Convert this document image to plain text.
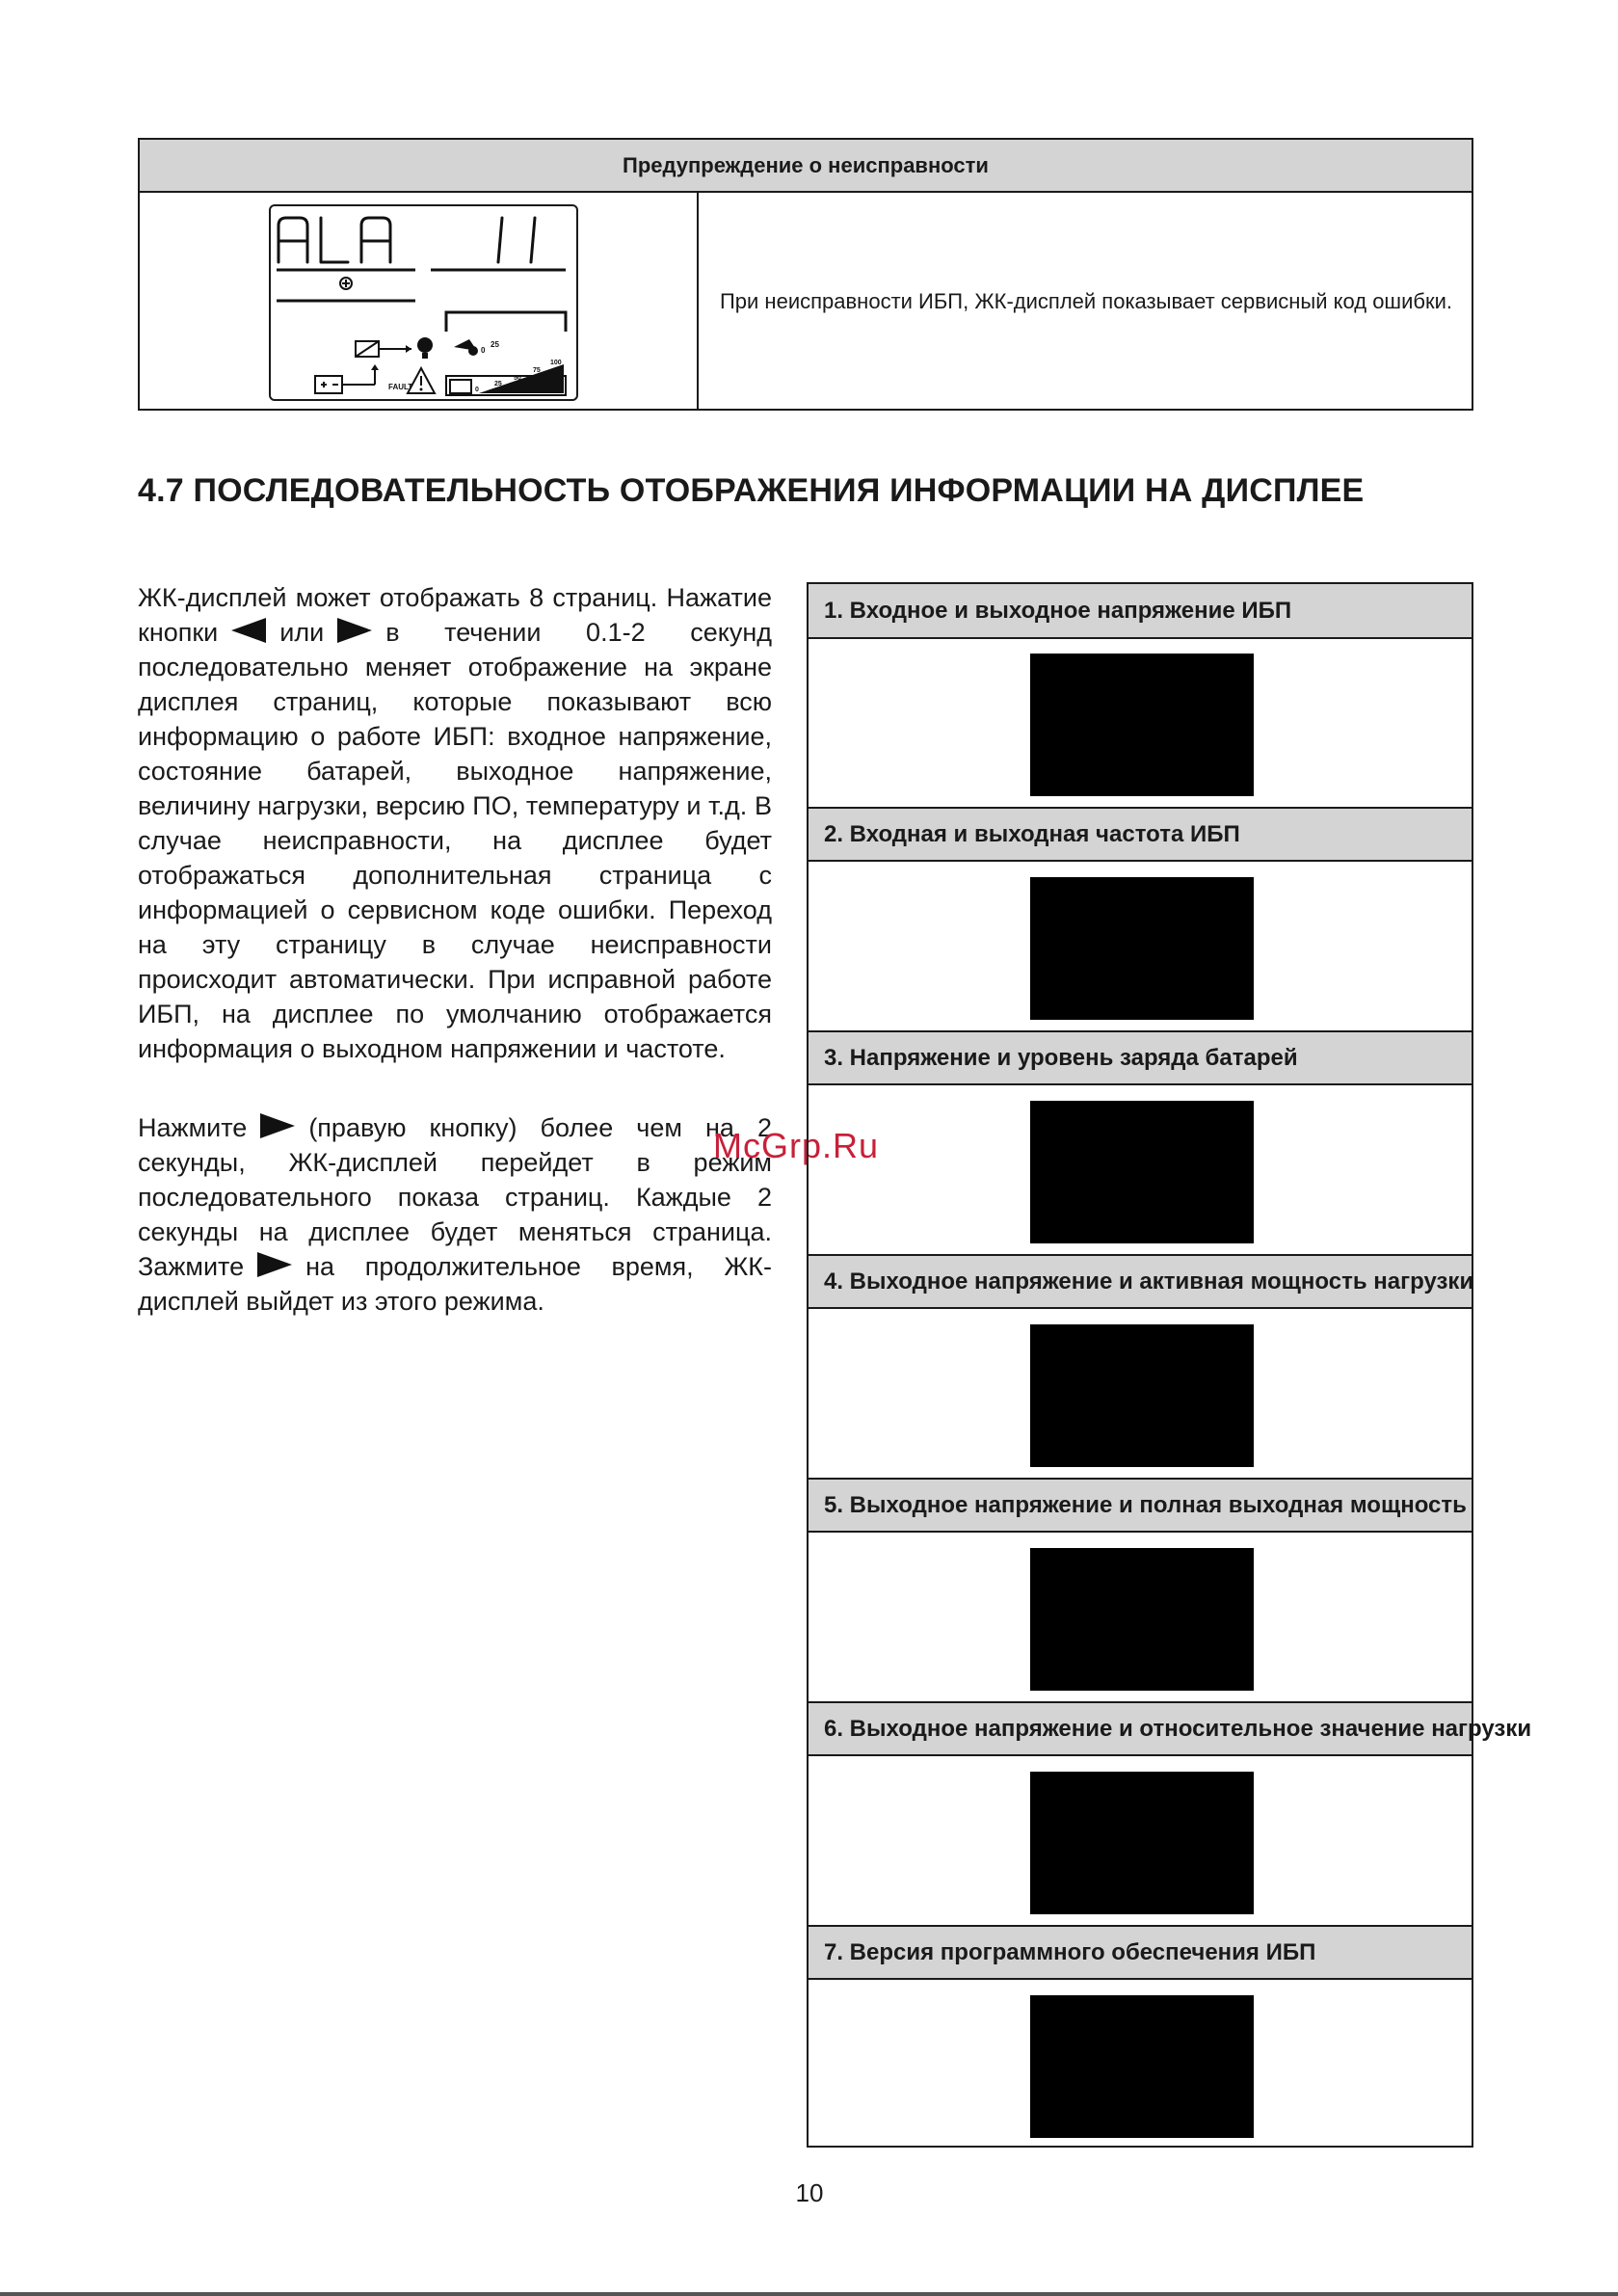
Предупреждение о неисправности
0
25
FAULT	0
25
50
75
100
При неисправности ИБП, ЖК-дисплей показывает сервисный код ошибки.
4.7 ПОСЛЕДОВАТЕЛЬНОСТЬ ОТОБРАЖЕНИЯ ИНФОРМАЦИИ НА ДИСПЛЕЕ
ЖК-дисплей может отображать 8 страниц. Нажатие кнопки или в течении 0.1-2 секунд последовательно меняет отображение на экране дисплея страниц, которые показывают всю информацию о работе ИБП: входное напряжение, состояние батарей, выходное напряжение, величину нагрузки, версию ПО, температуру и т.д. В случае неисправности, на дисплее будет отображаться дополнительная страница с информацией о сервисном коде ошибки. Переход на эту страницу в случае неисправности происходит автоматически. При исправной работе ИБП, на дисплее по умолчанию отображается информация о выходном напряжении и частоте.
Нажмите (правую кнопку) более чем на 2 секунды, ЖК-дисплей перейдет в режим последовательного показа страниц. Каждые 2 секунды на дисплее будет меняться страница. Зажмите на продолжительное время, ЖК-дисплей выйдет из этого режима.
McGrp.Ru
1. Входное и выходное напряжение ИБП
2. Входная и выходная частота ИБП
3. Напряжение и уровень заряда батарей
4. Выходное напряжение и активная мощность нагрузки
5. Выходное напряжение и полная выходная мощность
6. Выходное напряжение и относительное значение нагрузки
7. Версия программного обеспечения ИБП
10
